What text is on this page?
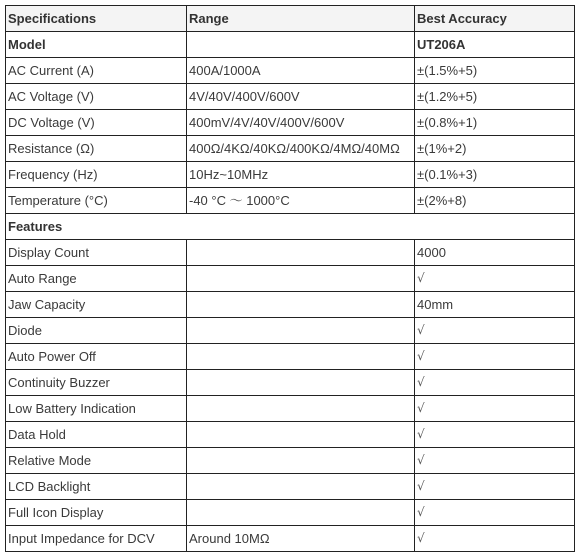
Specifications	Range	Best Accuracy
Model		UT206A
AC Current (A)	400A/1000A	±(1.5%+5)
AC Voltage (V)	4V/40V/400V/600V	±(1.2%+5)
DC Voltage (V)	400mV/4V/40V/400V/600V	±(0.8%+1)
Resistance (Ω)	400Ω/4KΩ/40KΩ/400KΩ/4MΩ/40MΩ	±(1%+2)
Frequency (Hz)	10Hz~10MHz	±(0.1%+3)
Temperature (°C)	-40 °C ～ 1000°C	±(2%+8)
Features		
Display Count		4000
Auto Range		√
Jaw Capacity		40mm
Diode		√
Auto Power Off		√
Continuity Buzzer		√
Low Battery Indication		√
Data Hold		√
Relative Mode		√
LCD Backlight		√
Full Icon Display		√
Input Impedance for DCV	Around 10MΩ	√
